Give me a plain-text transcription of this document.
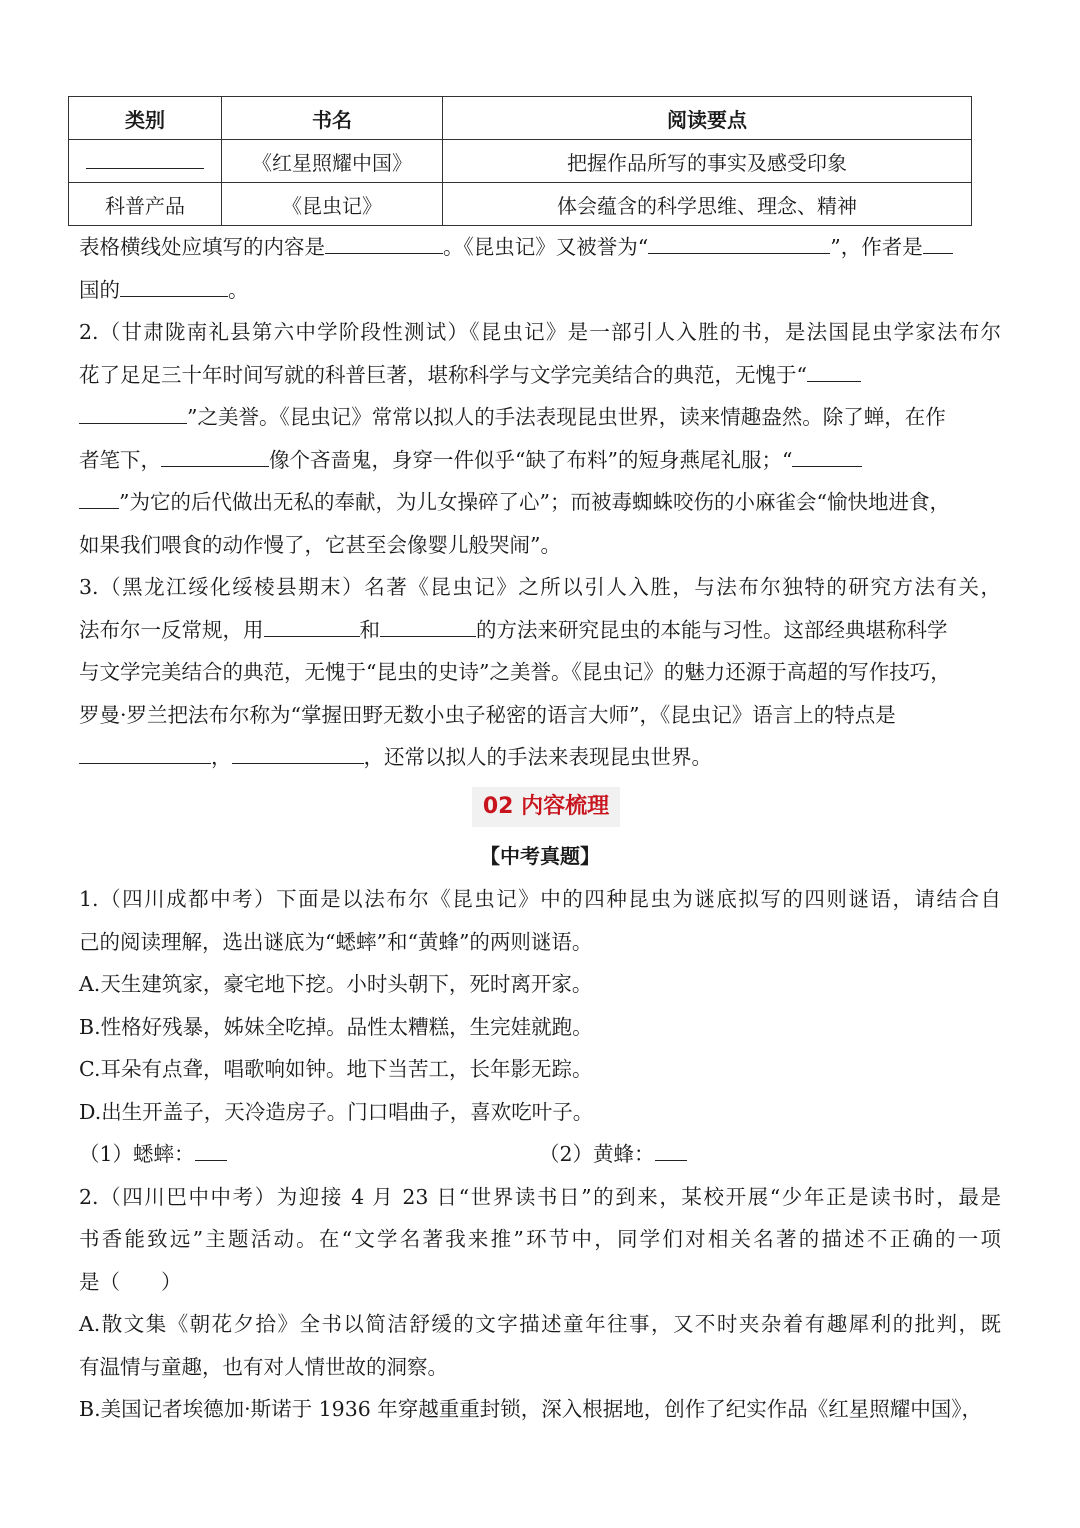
类别	书名	阅读要点
	《红星照耀中国》	把握作品所写的事实及感受印象
科普产品	《昆虫记》	体会蕴含的科学思维、理念、精神
表格横线处应填写的内容是	。《昆虫记》又被誉为“	”，作者是
国的	。
2.（甘肃陇南礼县第六中学阶段性测试）《昆虫记》是一部引人入胜的书，是法国昆虫学家法布尔
花了足足三十年时间写就的科普巨著，堪称科学与文学完美结合的典范，无愧于“
”之美誉。《昆虫记》常常以拟人的手法表现昆虫世界，读来情趣盎然。除了蝉，在作
者笔下，	像个吝啬鬼，身穿一件似乎“缺了布料”的短身燕尾礼服；“
”为它的后代做出无私的奉献，为儿女操碎了心”；而被毒蜘蛛咬伤的小麻雀会“愉快地进食，
如果我们喂食的动作慢了，它甚至会像婴儿般哭闹”。
3.（黑龙江绥化绥棱县期末）名著《昆虫记》之所以引人入胜，与法布尔独特的研究方法有关，
法布尔一反常规，用	和	的方法来研究昆虫的本能与习性。这部经典堪称科学
与文学完美结合的典范，无愧于“昆虫的史诗”之美誉。《昆虫记》的魅力还源于高超的写作技巧，
罗曼·罗兰把法布尔称为“掌握田野无数小虫子秘密的语言大师”，《昆虫记》语言上的特点是
，	，还常以拟人的手法来表现昆虫世界。
02 内容梳理
【中考真题】
1.（四川成都中考）下面是以法布尔《昆虫记》中的四种昆虫为谜底拟写的四则谜语，请结合自
己的阅读理解，选出谜底为“蟋蟀”和“黄蜂”的两则谜语。
A.天生建筑家，豪宅地下挖。小时头朝下，死时离开家。
B.性格好残暴，姊妹全吃掉。品性太糟糕，生完娃就跑。
C.耳朵有点聋，唱歌响如钟。地下当苦工，长年影无踪。
D.出生开盖子，天冷造房子。门口唱曲子，喜欢吃叶子。
（1）蟋蟀：	（2）黄蜂：
2.（四川巴中中考）为迎接 4 月 23 日“世界读书日”的到来，某校开展“少年正是读书时，最是
书香能致远”主题活动。在“文学名著我来推”环节中，同学们对相关名著的描述不正确的一项
是（　　）
A.散文集《朝花夕拾》全书以简洁舒缓的文字描述童年往事，又不时夹杂着有趣犀利的批判，既
有温情与童趣，也有对人情世故的洞察。
B.美国记者埃德加·斯诺于 1936 年穿越重重封锁，深入根据地，创作了纪实作品《红星照耀中国》，
